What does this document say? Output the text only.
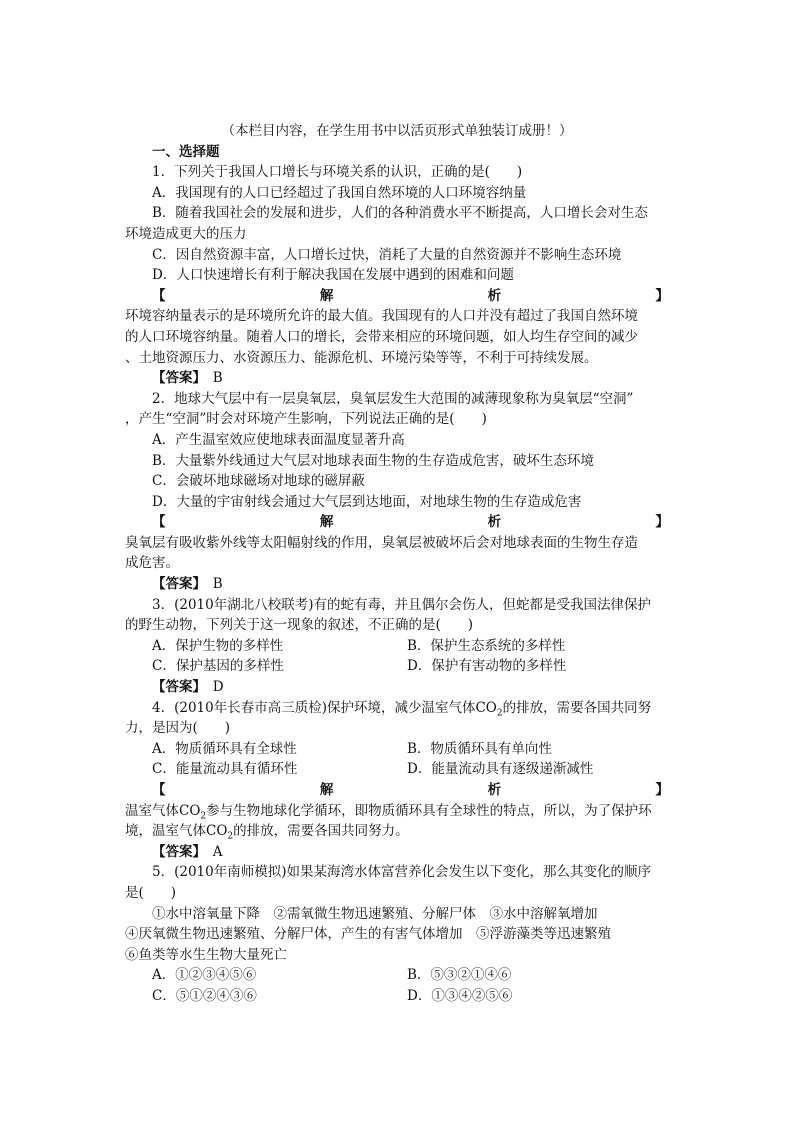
（本栏目内容，在学生用书中以活页形式单独装订成册！）
一、选择题
1．下列关于我国人口增长与环境关系的认识，正确的是(　　)
A．我国现有的人口已经超过了我国自然环境的人口环境容纳量
B．随着我国社会的发展和进步，人们的各种消费水平不断提高，人口增长会对生态
环境造成更大的压力
C．因自然资源丰富，人口增长过快，消耗了大量的自然资源并不影响生态环境
D．人口快速增长有利于解决我国在发展中遇到的困难和问题
【	解	析	】
环境容纳量表示的是环境所允许的最大值。我国现有的人口并没有超过了我国自然环境
的人口环境容纳量。随着人口的增长，会带来相应的环境问题，如人均生存空间的减少
、土地资源压力、水资源压力、能源危机、环境污染等等，不利于可持续发展。
【答案】　 B
2．地球大气层中有一层臭氧层，臭氧层发生大范围的减薄现象称为臭氧层“空洞”
，产生“空洞”时会对环境产生影响，下列说法正确的是(　　)
A．产生温室效应使地球表面温度显著升高
B．大量紫外线通过大气层对地球表面生物的生存造成危害，破坏生态环境
C．会破坏地球磁场对地球的磁屏蔽
D．大量的宇宙射线会通过大气层到达地面，对地球生物的生存造成危害
【	解	析	】
臭氧层有吸收紫外线等太阳幅射线的作用，臭氧层被破坏后会对地球表面的生物生存造
成危害。
【答案】　 B
3．(2010年湖北八校联考)有的蛇有毒，并且偶尔会伤人，但蛇都是受我国法律保护
的野生动物，下列关于这一现象的叙述，不正确的是(　　)
A．保护生物的多样性	B．保护生态系统的多样性
C．保护基因的多样性	D．保护有害动物的多样性
【答案】　 D
4．(2010年长春市高三质检)保护环境，减少温室气体$CO_2$的排放，需要各国共同努
力，是因为(　　)
A．物质循环具有全球性	B．物质循环具有单向性
C．能量流动具有循环性	D．能量流动具有逐级递渐减性
【	解	析	】
温室气体$CO_2$参与生物地球化学循环，即物质循环具有全球性的特点，所以，为了保护环
境，温室气体$CO_2$的排放，需要各国共同努力。
【答案】　 A
5．(2010年南师模拟)如果某海湾水体富营养化会发生以下变化，那么其变化的顺序
是(　　)
①水中溶氧量下降　②需氧微生物迅速繁殖、分解尸体　③水中溶解氧增加
④厌氧微生物迅速繁殖、分解尸体，产生的有害气体增加　⑤浮游藻类等迅速繁殖
⑥鱼类等水生生物大量死亡
A．①②③④⑤⑥	B．⑤③②①④⑥
C．⑤①②④③⑥	D．①③④②⑤⑥
